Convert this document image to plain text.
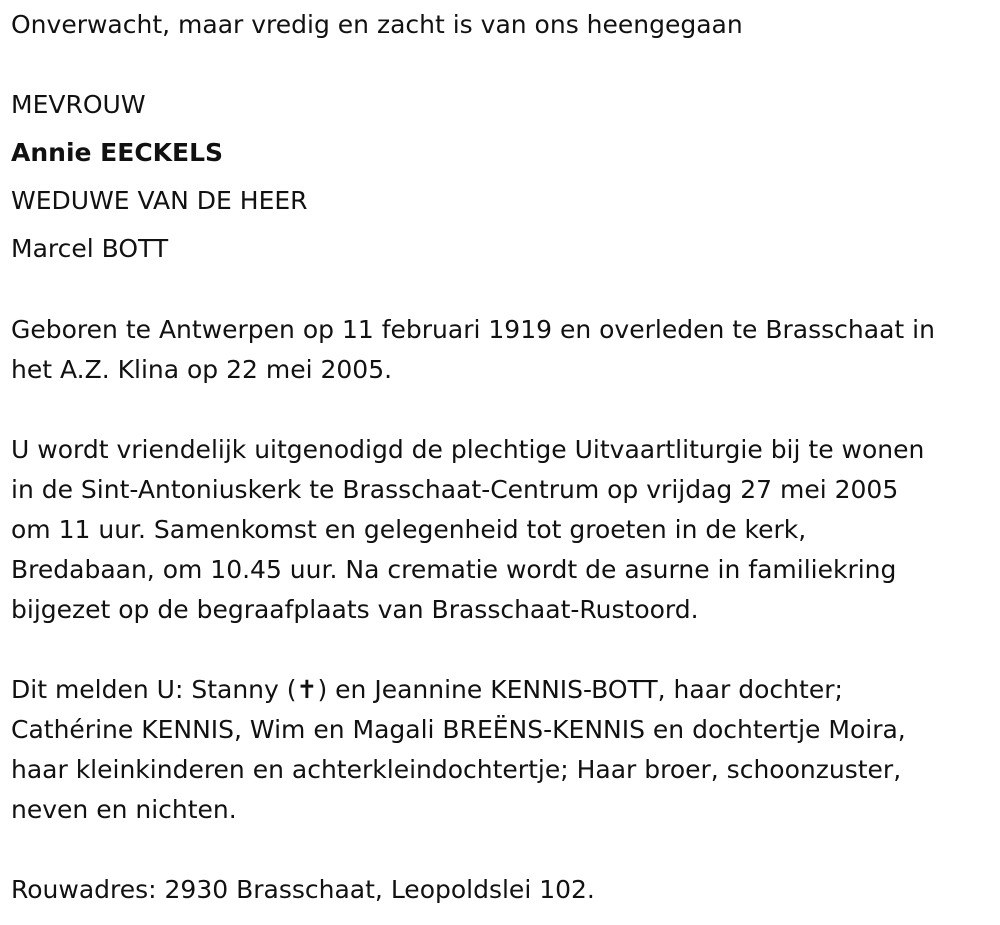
Onverwacht, maar vredig en zacht is van ons heengegaan
MEVROUW
Annie EECKELS
WEDUWE VAN DE HEER
Marcel BOTT
Geboren te Antwerpen op 11 februari 1919 en overleden te Brasschaat in
het A.Z. Klina op 22 mei 2005.
U wordt vriendelijk uitgenodigd de plechtige Uitvaartliturgie bij te wonen
in de Sint-Antoniuskerk te Brasschaat-Centrum op vrijdag 27 mei 2005
om 11 uur. Samenkomst en gelegenheid tot groeten in de kerk,
Bredabaan, om 10.45 uur. Na crematie wordt de asurne in familiekring
bijgezet op de begraafplaats van Brasschaat-Rustoord.
Dit melden U: Stanny (✝) en Jeannine KENNIS-BOTT, haar dochter;
Cathérine KENNIS, Wim en Magali BREËNS-KENNIS en dochtertje Moira,
haar kleinkinderen en achterkleindochtertje; Haar broer, schoonzuster,
neven en nichten.
Rouwadres: 2930 Brasschaat, Leopoldslei 102.
